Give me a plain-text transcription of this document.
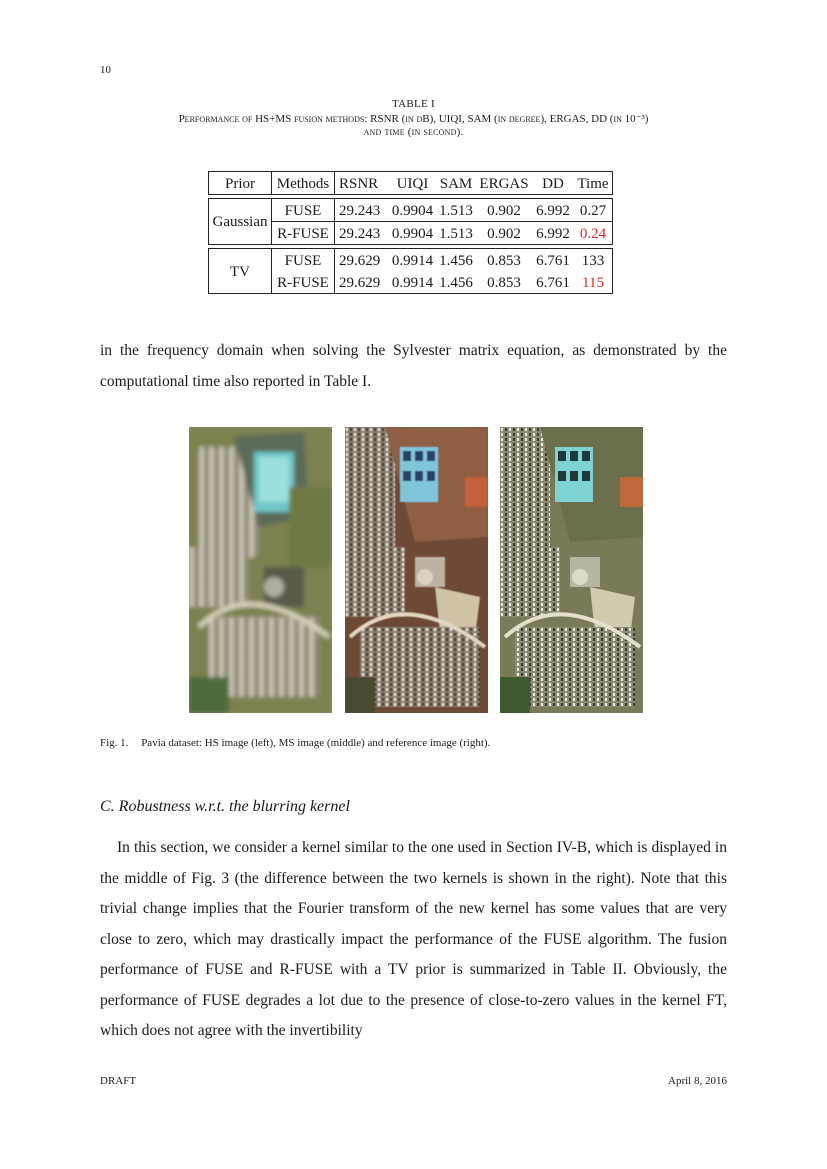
10
TABLE I
Performance of HS+MS fusion methods: RSNR (in dB), UIQI, SAM (in degree), ERGAS, DD (in 10⁻³)
and time (in second).
Prior	Methods	RSNR	UIQI	SAM	ERGAS	DD	Time

Gaussian	FUSE	29.243	0.9904	1.513	0.902	6.992	0.27
	R-FUSE	29.243	0.9904	1.513	0.902	6.992	0.24

TV	FUSE	29.629	0.9914	1.456	0.853	6.761	133
	R-FUSE	29.629	0.9914	1.456	0.853	6.761	115
in the frequency domain when solving the Sylvester matrix equation, as demonstrated by the computational time also reported in Table I.
Fig. 1. Pavia dataset: HS image (left), MS image (middle) and reference image (right).
C. Robustness w.r.t. the blurring kernel
In this section, we consider a kernel similar to the one used in Section IV-B, which is displayed in the middle of Fig. 3 (the difference between the two kernels is shown in the right). Note that this trivial change implies that the Fourier transform of the new kernel has some values that are very close to zero, which may drastically impact the performance of the FUSE algorithm. The fusion performance of FUSE and R-FUSE with a TV prior is summarized in Table II. Obviously, the performance of FUSE degrades a lot due to the presence of close-to-zero values in the kernel FT, which does not agree with the invertibility
DRAFT	April 8, 2016
